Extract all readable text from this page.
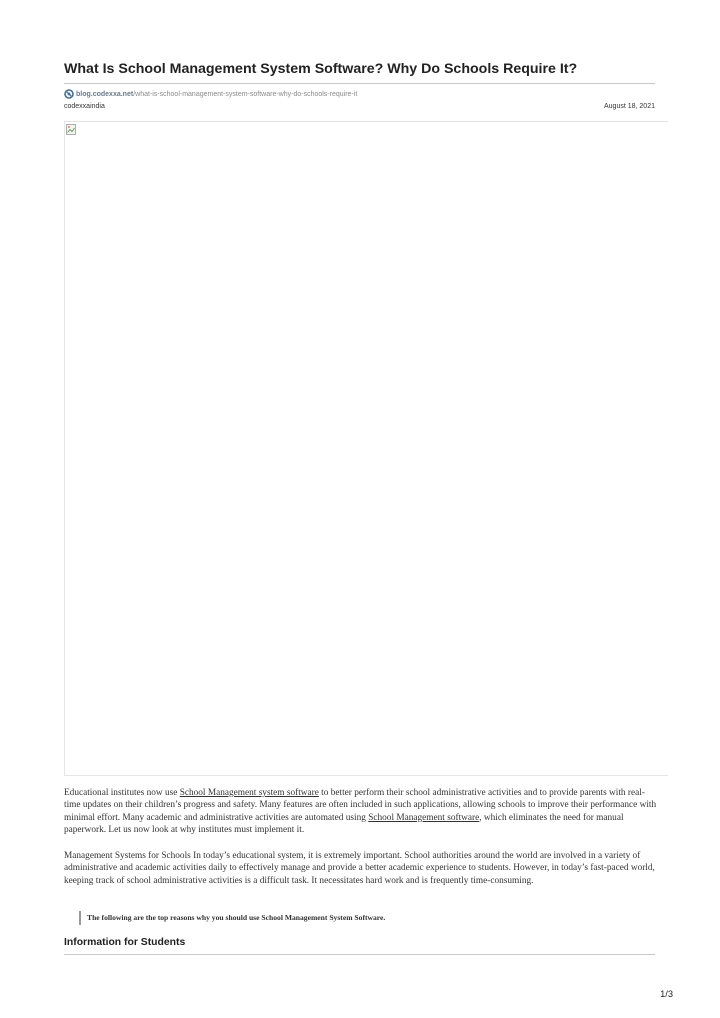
What Is School Management System Software? Why Do Schools Require It?
blog.codexxa.net /what-is-school-management-system-software-why-do-schools-require-it
codexxaindia	August 18, 2021

Educational institutes now use School Management system software to better perform their school administrative activities and to provide parents with real-time updates on their children’s progress and safety. Many features are often included in such applications, allowing schools to improve their performance with minimal effort. Many academic and administrative activities are automated using School Management software, which eliminates the need for manual paperwork. Let us now look at why institutes must implement it.

Management Systems for Schools In today’s educational system, it is extremely important. School authorities around the world are involved in a variety of administrative and academic activities daily to effectively manage and provide a better academic experience to students. However, in today’s fast-paced world, keeping track of school administrative activities is a difficult task. It necessitates hard work and is frequently time-consuming.

The following are the top reasons why you should use School Management System Software.
Information for Students
1/3
